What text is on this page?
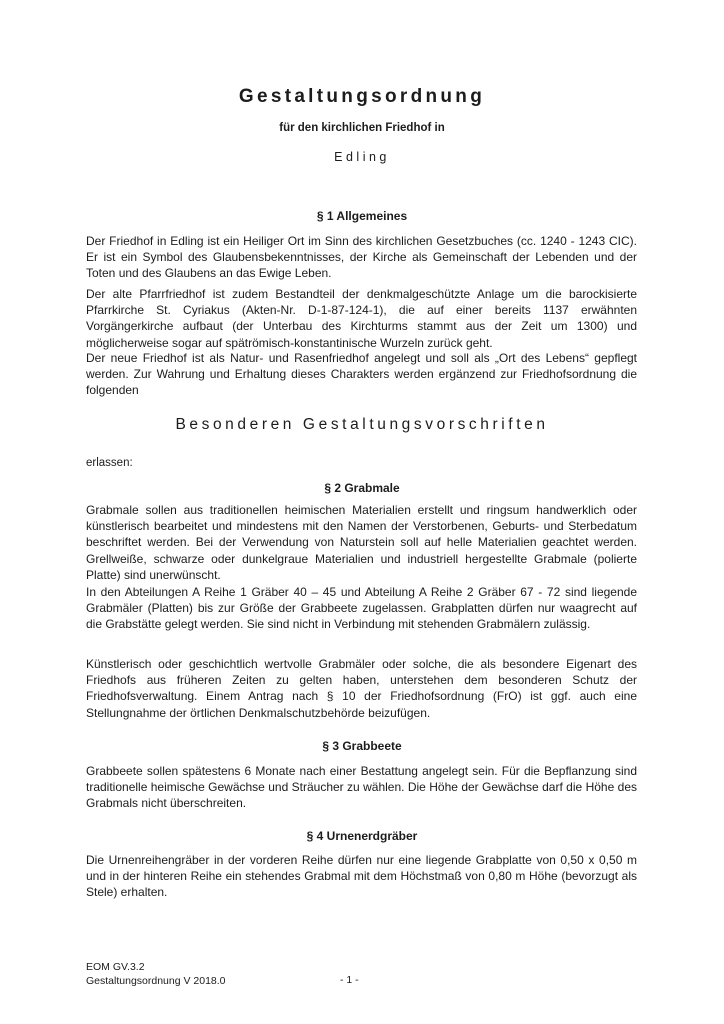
Gestaltungsordnung
für den kirchlichen Friedhof in
Edling
§ 1 Allgemeines
Der Friedhof in Edling ist ein Heiliger Ort im Sinn des kirchlichen Gesetzbuches (cc. 1240 - 1243 CIC). Er ist ein Symbol des Glaubensbekenntnisses, der Kirche als Gemeinschaft der Lebenden und der Toten und des Glaubens an das Ewige Leben.
Der alte Pfarrfriedhof ist zudem Bestandteil der denkmalgeschützte Anlage um die barockisierte Pfarrkirche St. Cyriakus (Akten-Nr. D-1-87-124-1), die auf einer bereits 1137 erwähnten Vorgängerkirche aufbaut (der Unterbau des Kirchturms stammt aus der Zeit um 1300) und möglicherweise sogar auf spätrömisch-konstantinische Wurzeln zurück geht.
Der neue Friedhof ist als Natur- und Rasenfriedhof angelegt und soll als „Ort des Lebens“ gepflegt werden. Zur Wahrung und Erhaltung dieses Charakters werden ergänzend zur Friedhofsordnung die folgenden
Besonderen Gestaltungsvorschriften
erlassen:
§ 2 Grabmale
Grabmale sollen aus traditionellen heimischen Materialien erstellt und ringsum handwerklich oder künstlerisch bearbeitet und mindestens mit den Namen der Verstorbenen, Geburts- und Sterbedatum beschriftet werden. Bei der Verwendung von Naturstein soll auf helle Materialien geachtet werden. Grellweiße, schwarze oder dunkelgraue Materialien und industriell hergestellte Grabmale (polierte Platte) sind unerwünscht.
In den Abteilungen A Reihe 1 Gräber 40 – 45 und Abteilung A Reihe 2 Gräber 67 - 72 sind liegende Grabmäler (Platten) bis zur Größe der Grabbeete zugelassen. Grabplatten dürfen nur waagrecht auf die Grabstätte gelegt werden. Sie sind nicht in Verbindung mit stehenden Grabmälern zulässig.
Künstlerisch oder geschichtlich wertvolle Grabmäler oder solche, die als besondere Eigenart des Friedhofs aus früheren Zeiten zu gelten haben, unterstehen dem besonderen Schutz der Friedhofsverwaltung. Einem Antrag nach § 10 der Friedhofsordnung (FrO) ist ggf. auch eine Stellungnahme der örtlichen Denkmalschutzbehörde beizufügen.
§ 3 Grabbeete
Grabbeete sollen spätestens 6 Monate nach einer Bestattung angelegt sein. Für die Bepflanzung sind traditionelle heimische Gewächse und Sträucher zu wählen. Die Höhe der Gewächse darf die Höhe des Grabmals nicht überschreiten.
§ 4 Urnenerdgräber
Die Urnenreihengräber in der vorderen Reihe dürfen nur eine liegende Grabplatte von 0,50 x 0,50 m und in der hinteren Reihe ein stehendes Grabmal mit dem Höchstmaß von 0,80 m Höhe (bevorzugt als Stele) erhalten.
EOM GV.3.2
Gestaltungsordnung V 2018.0	- 1 -
